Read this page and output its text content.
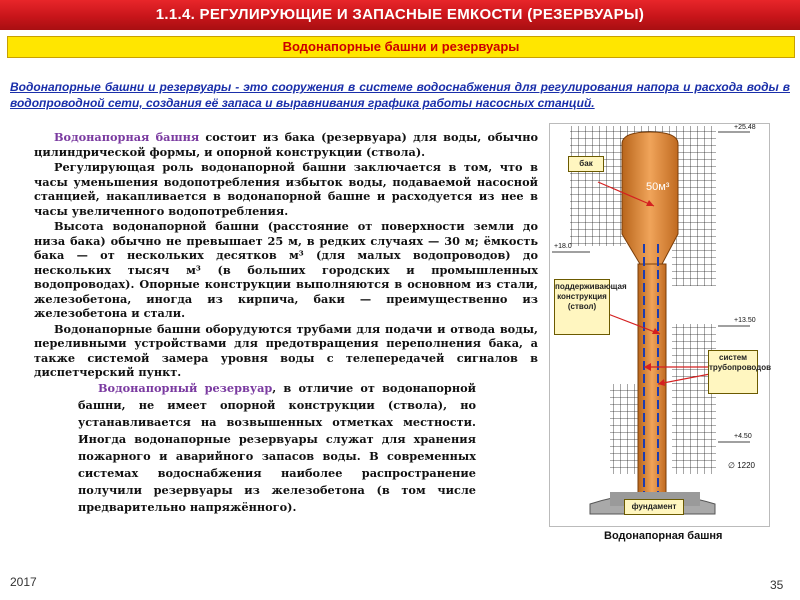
1.1.4. РЕГУЛИРУЮЩИЕ И ЗАПАСНЫЕ ЕМКОСТИ (РЕЗЕРВУАРЫ)
Водонапорные башни и резервуары
Водонапорные башни и резервуары - это сооружения в системе водоснабжения для регулирования напора и расхода воды в водопроводной сети, создания её запаса и выравнивания графика работы насосных станций.

Водонапорная башня состоит из бака (резервуара) для воды, обычно цилиндрической формы, и опорной конструкции (ствола).

Регулирующая роль водонапорной башни заключается в том, что в часы уменьшения водопотребления избыток воды, подаваемой насосной станцией, накапливается в водонапорной башне и расходуется из нее в часы увеличенного водопотребления.

Высота водонапорной башни (расстояние от поверхности земли до низа бака) обычно не превышает 25 м, в редких случаях — 30 м; ёмкость бака — от нескольких десятков м³ (для малых водопроводов) до нескольких тысяч м³ (в больших городских и промышленных водопроводах). Опорные конструкции выполняются в основном из стали, железобетона, иногда из кирпича, баки — преимущественно из железобетона и стали.

Водонапорные башни оборудуются трубами для подачи и отвода воды, переливными устройствами для предотвращения переполнения бака, а также системой замера уровня воды с телепередачей сигналов в диспетчерский пункт.

Водонапорный резервуар, в отличие от водонапорной башни, не имеет опорной конструкции (ствола), но устанавливается на возвышенных отметках местности. Иногда водонапорные резервуары служат для хранения пожарного и аварийного запасов воды. В современных системах водоснабжения наиболее распространение получили резервуары из железобетона (в том числе предварительно напряжённого).

50м³
бак
поддерживающая конструкция (ствол)
систем трубопроводов
фундамент
+25.48
+18.0
+13.50
+4.50
∅ 1220
Водонапорная башня
2017	35
